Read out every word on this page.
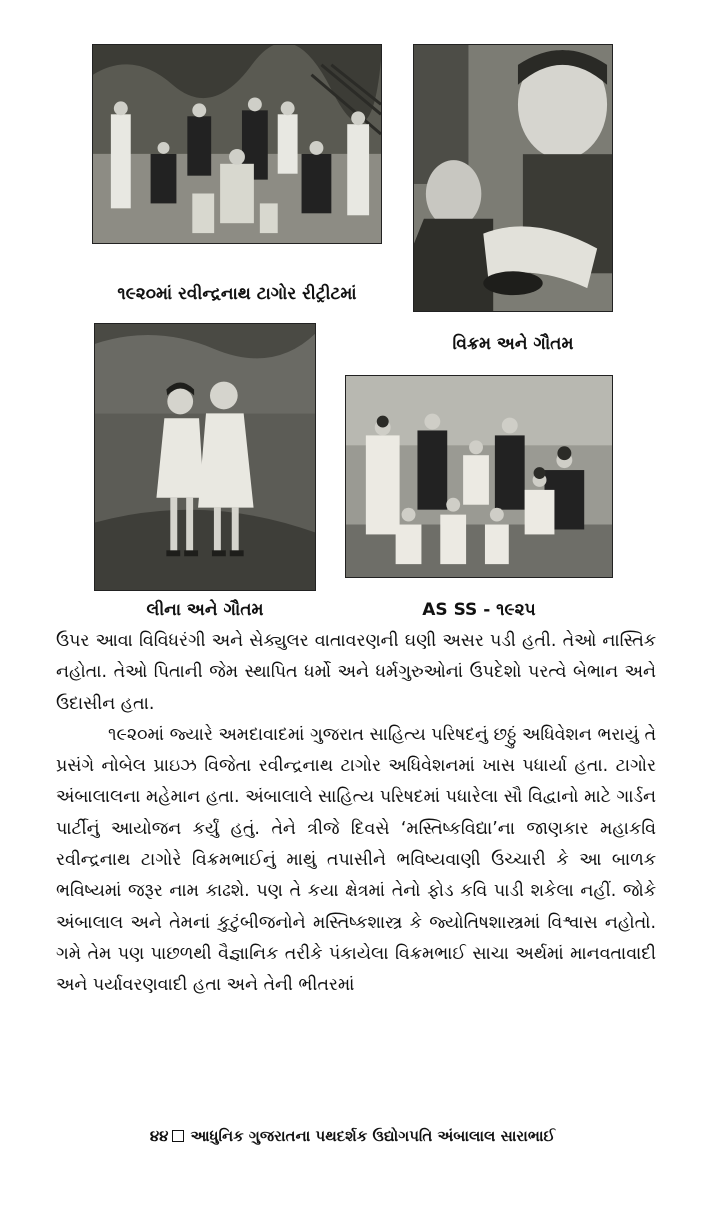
૧૯૨૦માં રવીન્દ્રનાથ ટાગોર રીટ્રીટમાં
વિક્રમ અને ગૌતમ
લીના અને ગૌતમ	AS SS - ૧૯૨૫

ઉપર આવા વિવિધરંગી અને સેક્યુલર વાતાવરણની ઘણી અસર પડી હતી. તેઓ નાસ્તિક નહોતા. તેઓ પિતાની જેમ સ્થાપિત ધર્મો અને ધર્મગુરુઓનાં ઉપદેશો પરત્વે બેભાન અને ઉદાસીન હતા.

૧૯૨૦માં જ્યારે અમદાવાદમાં ગુજરાત સાહિત્ય પરિષદનું છઠ્ઠું અધિવેશન ભરાયું તે પ્રસંગે નોબેલ પ્રાઇઝ વિજેતા રવીન્દ્રનાથ ટાગોર અધિવેશનમાં ખાસ પધાર્યા હતા. ટાગોર અંબાલાલના મહેમાન હતા. અંબાલાલે સાહિત્ય પરિષદમાં પધારેલા સૌ વિદ્વાનો માટે ગાર્ડન પાર્ટીનું આયોજન કર્યું હતું. તેને ત્રીજે દિવસે ‘મસ્તિષ્કવિદ્યા’ના જાણકાર મહાકવિ રવીન્દ્રનાથ ટાગોરે વિક્રમભાઈનું માથું તપાસીને ભવિષ્યવાણી ઉચ્ચારી કે આ બાળક ભવિષ્યમાં જરૂર નામ કાઢશે. પણ તે કયા ક્ષેત્રમાં તેનો ફોડ કવિ પાડી શકેલા નહીં. જોકે અંબાલાલ અને તેમનાં કુટુંબીજનોને મસ્તિષ્કશાસ્ત્ર કે જ્યોતિષશાસ્ત્રમાં વિશ્વાસ નહોતો. ગમે તેમ પણ પાછળથી વૈજ્ઞાનિક તરીકે પંકાયેલા વિક્રમભાઈ સાચા અર્થમાં માનવતાવાદી અને પર્યાવરણવાદી હતા અને તેની ભીતરમાં

૪૪ આધુનિક ગુજરાતના પથદર્શક ઉદ્યોગપતિ અંબાલાલ સારાભાઈ
